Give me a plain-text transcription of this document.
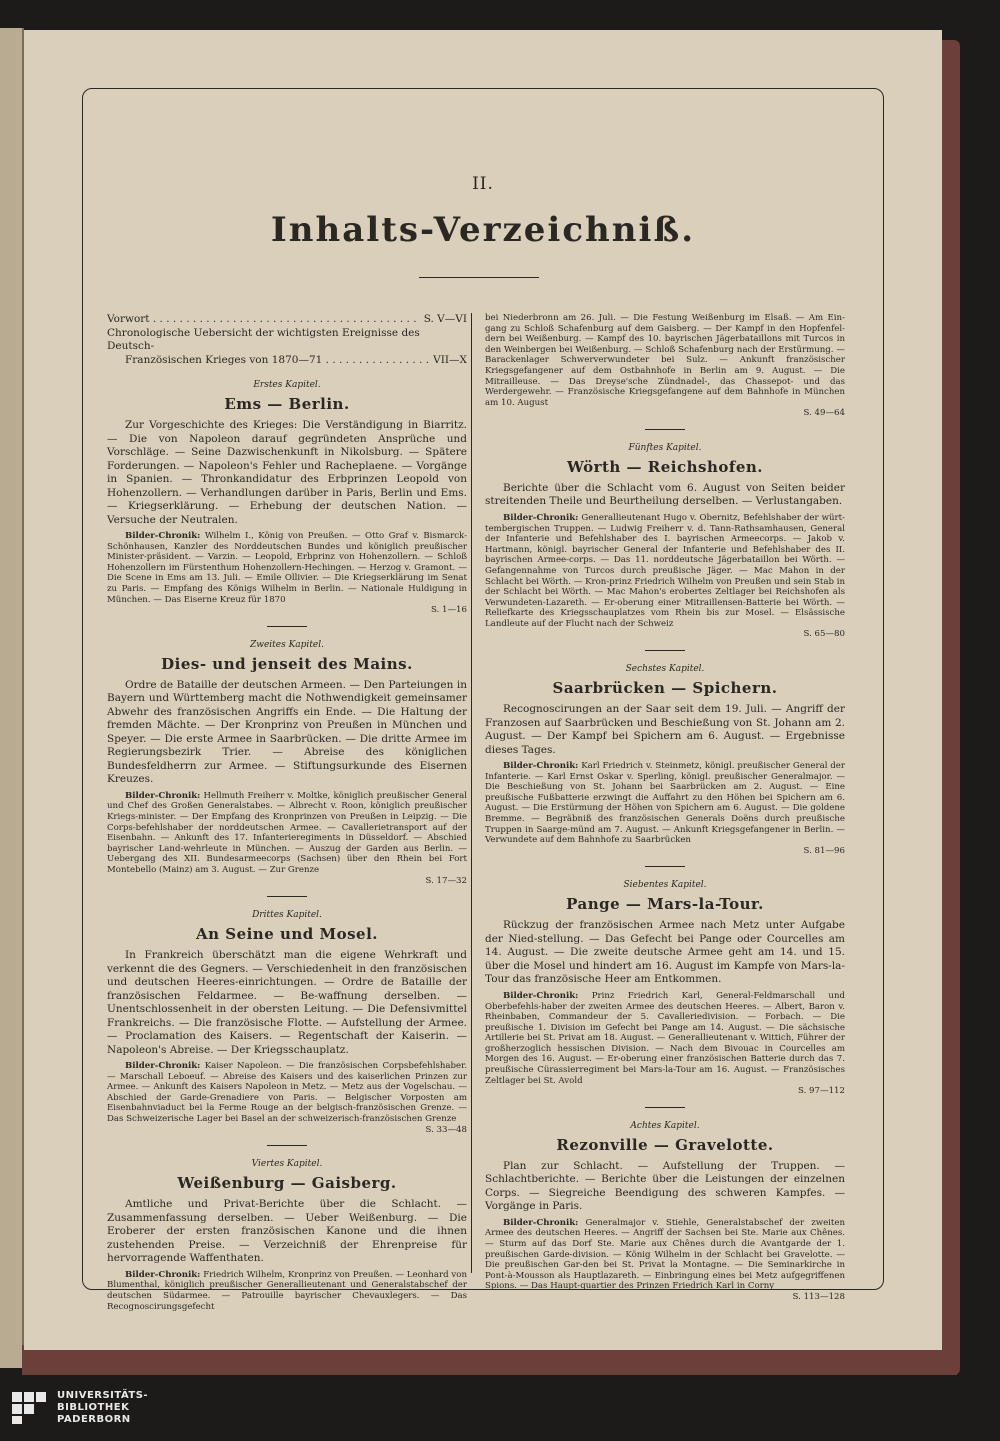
II.
Inhalts-Verzeichniß.
Vorwort . . .	S. V—VI
Chronologische Uebersicht der wichtigsten Ereignisse des Deutsch-
Französischen Krieges von 1870—71 . . .	VII—X
Erstes Kapitel.
Ems — Berlin.

Zur Vorgeschichte des Krieges: Die Verständigung in Biarritz. — Die von Napoleon darauf gegründeten Ansprüche und Vorschläge. — Seine Dazwischenkunft in Nikolsburg. — Spätere Forderungen. — Napoleon's Fehler und Racheplaene. — Vorgänge in Spanien. — Thronkandidatur des Erbprinzen Leopold von Hohenzollern. — Verhandlungen darüber in Paris, Berlin und Ems. — Kriegserklärung. — Erhebung der deutschen Nation. — Versuche der Neutralen.

Bilder-Chronik: Wilhelm I., König von Preußen. — Otto Graf v. Bismarck-Schönhausen, Kanzler des Norddeutschen Bundes und königlich preußischer Minister-präsident. — Varzin. — Leopold, Erbprinz von Hohenzollern. — Schloß Hohenzollern im Fürstenthum Hohenzollern-Hechingen. — Herzog v. Gramont. — Die Scene in Ems am 13. Juli. — Emile Ollivier. — Die Kriegserklärung im Senat zu Paris. — Empfang des Königs Wilhelm in Berlin. — Nationale Huldigung in München. — Das Eiserne Kreuz für 1870

S. 1—16
Zweites Kapitel.
Dies- und jenseit des Mains.

Ordre de Bataille der deutschen Armeen. — Den Parteiungen in Bayern und Württemberg macht die Nothwendigkeit gemeinsamer Abwehr des französischen Angriffs ein Ende. — Die Haltung der fremden Mächte. — Der Kronprinz von Preußen in München und Speyer. — Die erste Armee in Saarbrücken. — Die dritte Armee im Regierungsbezirk Trier. — Abreise des königlichen Bundesfeldherrn zur Armee. — Stiftungsurkunde des Eisernen Kreuzes.

Bilder-Chronik: Hellmuth Freiherr v. Moltke, königlich preußischer General und Chef des Großen Generalstabes. — Albrecht v. Roon, königlich preußischer Kriegs-minister. — Der Empfang des Kronprinzen von Preußen in Leipzig. — Die Corps-befehlshaber der norddeutschen Armee. — Cavallerietransport auf der Eisenbahn. — Ankunft des 17. Infanterieregiments in Düsseldorf. — Abschied bayrischer Land-wehrleute in München. — Auszug der Garden aus Berlin. — Uebergang des XII. Bundesarmeecorps (Sachsen) über den Rhein bei Fort Montebello (Mainz) am 3. August. — Zur Grenze

S. 17—32
Drittes Kapitel.
An Seine und Mosel.

In Frankreich überschätzt man die eigene Wehrkraft und verkennt die des Gegners. — Verschiedenheit in den französischen und deutschen Heeres-einrichtungen. — Ordre de Bataille der französischen Feldarmee. — Be-waffnung derselben. — Unentschlossenheit in der obersten Leitung. — Die Defensivmittel Frankreichs. — Die französische Flotte. — Aufstellung der Armee. — Proclamation des Kaisers. — Regentschaft der Kaiserin. — Napoleon's Abreise. — Der Kriegsschauplatz.

Bilder-Chronik: Kaiser Napoleon. — Die französischen Corpsbefehlshaber. — Marschall Leboeuf. — Abreise des Kaisers und des kaiserlichen Prinzen zur Armee. — Ankunft des Kaisers Napoleon in Metz. — Metz aus der Vogelschau. — Abschied der Garde-Grenadiere von Paris. — Belgischer Vorposten am Eisenbahnviaduct bei la Ferme Rouge an der belgisch-französischen Grenze. — Das Schweizerische Lager bei Basel an der schweizerisch-französischen Grenze

S. 33—48
Viertes Kapitel.
Weißenburg — Gaisberg.

Amtliche und Privat-Berichte über die Schlacht. — Zusammenfassung derselben. — Ueber Weißenburg. — Die Eroberer der ersten französischen Kanone und die ihnen zustehenden Preise. — Verzeichniß der Ehrenpreise für hervorragende Waffenthaten.

Bilder-Chronik: Friedrich Wilhelm, Kronprinz von Preußen. — Leonhard von Blumenthal, königlich preußischer Generallieutenant und Generalstabschef der deutschen Südarmee. — Patrouille bayrischer Chevauxlegers. — Das Recognoscirungsgefecht

bei Niederbronn am 26. Juli. — Die Festung Weißenburg im Elsaß. — Am Ein-gang zu Schloß Schafenburg auf dem Gaisberg. — Der Kampf in den Hopfenfel-dern bei Weißenburg. — Kampf des 10. bayrischen Jägerbataillons mit Turcos in den Weinbergen bei Weißenburg. — Schloß Schafenburg nach der Erstürmung. — Barackenlager Schwerverwundeter bei Sulz. — Ankunft französischer Kriegsgefangener auf dem Ostbahnhofe in Berlin am 9. August. — Die Mitrailleuse. — Das Dreyse'sche Zündnadel-, das Chassepot- und das Werdergewehr. — Französische Kriegsgefangene auf dem Bahnhofe in München am 10. August

S. 49—64
Fünftes Kapitel.
Wörth — Reichshofen.

Berichte über die Schlacht vom 6. August von Seiten beider streitenden Theile und Beurtheilung derselben. — Verlustangaben.

Bilder-Chronik: Generallieutenant Hugo v. Obernitz, Befehlshaber der würt-tembergischen Truppen. — Ludwig Freiherr v. d. Tann-Rathsamhausen, General der Infanterie und Befehlshaber des I. bayrischen Armeecorps. — Jakob v. Hartmann, königl. bayrischer General der Infanterie und Befehlshaber des II. bayrischen Armee-corps. — Das 11. norddeutsche Jägerbataillon bei Wörth. — Gefangennahme von Turcos durch preußische Jäger. — Mac Mahon in der Schlacht bei Wörth. — Kron-prinz Friedrich Wilhelm von Preußen und sein Stab in der Schlacht bei Wörth. — Mac Mahon's erobertes Zeltlager bei Reichshofen als Verwundeten-Lazareth. — Er-oberung einer Mitraillensen-Batterie bei Wörth. — Reliefkarte des Kriegsschauplatzes vom Rhein bis zur Mosel. — Elsässische Landleute auf der Flucht nach der Schweiz

S. 65—80
Sechstes Kapitel.
Saarbrücken — Spichern.

Recognoscirungen an der Saar seit dem 19. Juli. — Angriff der Franzosen auf Saarbrücken und Beschießung von St. Johann am 2. August. — Der Kampf bei Spichern am 6. August. — Ergebnisse dieses Tages.

Bilder-Chronik: Karl Friedrich v. Steinmetz, königl. preußischer General der Infanterie. — Karl Ernst Oskar v. Sperling, königl. preußischer Generalmajor. — Die Beschießung von St. Johann bei Saarbrücken am 2. August. — Eine preußische Fußbatterie erzwingt die Auffahrt zu den Höhen bei Spichern am 6. August. — Die Erstürmung der Höhen von Spichern am 6. August. — Die goldene Bremme. — Begräbniß des französischen Generals Doëns durch preußische Truppen in Saarge-münd am 7. August. — Ankunft Kriegsgefangener in Berlin. — Verwundete auf dem Bahnhofe zu Saarbrücken

S. 81—96
Siebentes Kapitel.
Pange — Mars-la-Tour.

Rückzug der französischen Armee nach Metz unter Aufgabe der Nied-stellung. — Das Gefecht bei Pange oder Courcelles am 14. August. — Die zweite deutsche Armee geht am 14. und 15. über die Mosel und hindert am 16. August im Kampfe von Mars-la-Tour das französische Heer am Entkommen.

Bilder-Chronik: Prinz Friedrich Karl, General-Feldmarschall und Oberbefehls-haber der zweiten Armee des deutschen Heeres. — Albert, Baron v. Rheinbaben, Commandeur der 5. Cavalleriedivision. — Forbach. — Die preußische 1. Division im Gefecht bei Pange am 14. August. — Die sächsische Artillerie bei St. Privat am 18. August. — Generallieutenant v. Wittich, Führer der großherzoglich hessischen Division. — Nach dem Bivouac in Courcelles am Morgen des 16. August. — Er-oberung einer französischen Batterie durch das 7. preußische Cürassierregiment bei Mars-la-Tour am 16. August. — Französisches Zeltlager bei St. Avold

S. 97—112
Achtes Kapitel.
Rezonville — Gravelotte.

Plan zur Schlacht. — Aufstellung der Truppen. — Schlachtberichte. — Berichte über die Leistungen der einzelnen Corps. — Siegreiche Beendigung des schweren Kampfes. — Vorgänge in Paris.

Bilder-Chronik: Generalmajor v. Stiehle, Generalstabschef der zweiten Armee des deutschen Heeres. — Angriff der Sachsen bei Ste. Marie aux Chênes. — Sturm auf das Dorf Ste. Marie aux Chênes durch die Avantgarde der 1. preußischen Garde-division. — König Wilhelm in der Schlacht bei Gravelotte. — Die preußischen Gar-den bei St. Privat la Montagne. — Die Seminarkirche in Pont-à-Mousson als Hauptlazareth. — Einbringung eines bei Metz aufgegriffenen Spions. — Das Haupt-quartier des Prinzen Friedrich Karl in Corny

S. 113—128
UNIVERSITÄTS-
BIBLIOTHEK
PADERBORN
